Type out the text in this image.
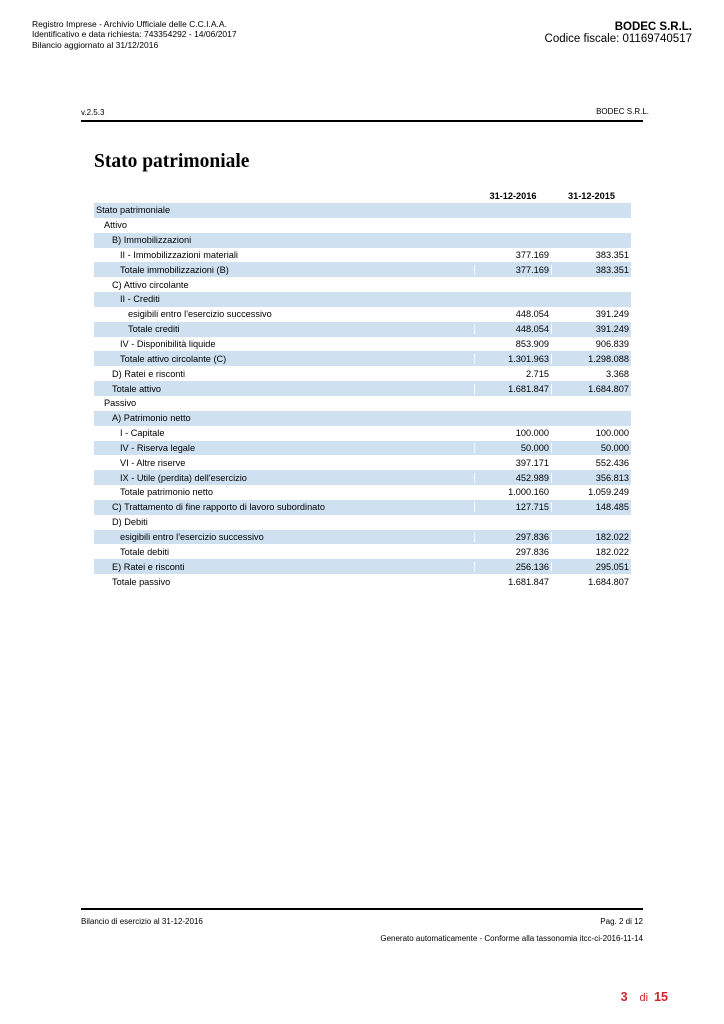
Registro Imprese - Archivio Ufficiale delle C.C.I.A.A.
Identificativo e data richiesta: 743354292 - 14/06/2017
Bilancio aggiornato al 31/12/2016
BODEC S.R.L.
Codice fiscale: 01169740517
v.2.5.3	BODEC S.R.L.
Stato patrimoniale
31-12-2016	31-12-2015
Stato patrimoniale
Attivo
B) Immobilizzazioni
II - Immobilizzazioni materiali	377.169	383.351
Totale immobilizzazioni (B)	377.169	383.351
C) Attivo circolante
II - Crediti
esigibili entro l'esercizio successivo	448.054	391.249
Totale crediti	448.054	391.249
IV - Disponibilità liquide	853.909	906.839
Totale attivo circolante (C)	1.301.963	1.298.088
D) Ratei e risconti	2.715	3.368
Totale attivo	1.681.847	1.684.807
Passivo
A) Patrimonio netto
I - Capitale	100.000	100.000
IV - Riserva legale	50.000	50.000
VI - Altre riserve	397.171	552.436
IX - Utile (perdita) dell'esercizio	452.989	356.813
Totale patrimonio netto	1.000.160	1.059.249
C) Trattamento di fine rapporto di lavoro subordinato	127.715	148.485
D) Debiti
esigibili entro l'esercizio successivo	297.836	182.022
Totale debiti	297.836	182.022
E) Ratei e risconti	256.136	295.051
Totale passivo	1.681.847	1.684.807
Bilancio di esercizio al 31-12-2016	Pag. 2 di 12
Generato automaticamente - Conforme alla tassonomia itcc-ci-2016-11-14
3 di 15
